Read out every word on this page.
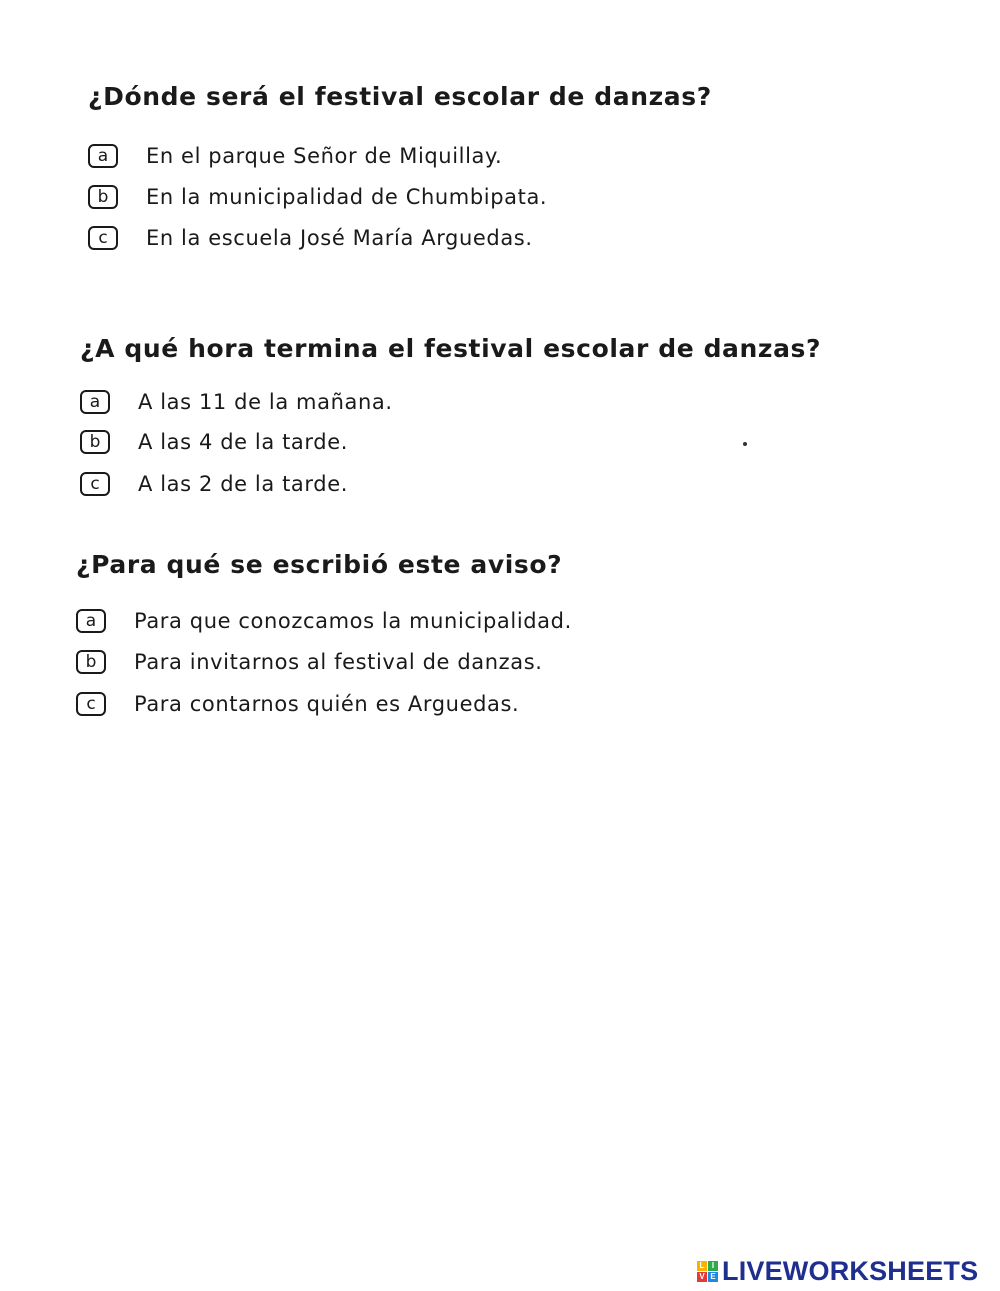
¿Dónde será el festival escolar de danzas?
a	En el parque Señor de Miquillay.
b	En la municipalidad de Chumbipata.
c	En la escuela José María Arguedas.
¿A qué hora termina el festival escolar de danzas?
a	A las 11 de la mañana.
b	A las 4 de la tarde.
c	A las 2 de la tarde.
¿Para qué se escribió este aviso?
a	Para que conozcamos la municipalidad.
b	Para invitarnos al festival de danzas.
c	Para contarnos quién es Arguedas.
L I
V E LIVEWORKSHEETS
